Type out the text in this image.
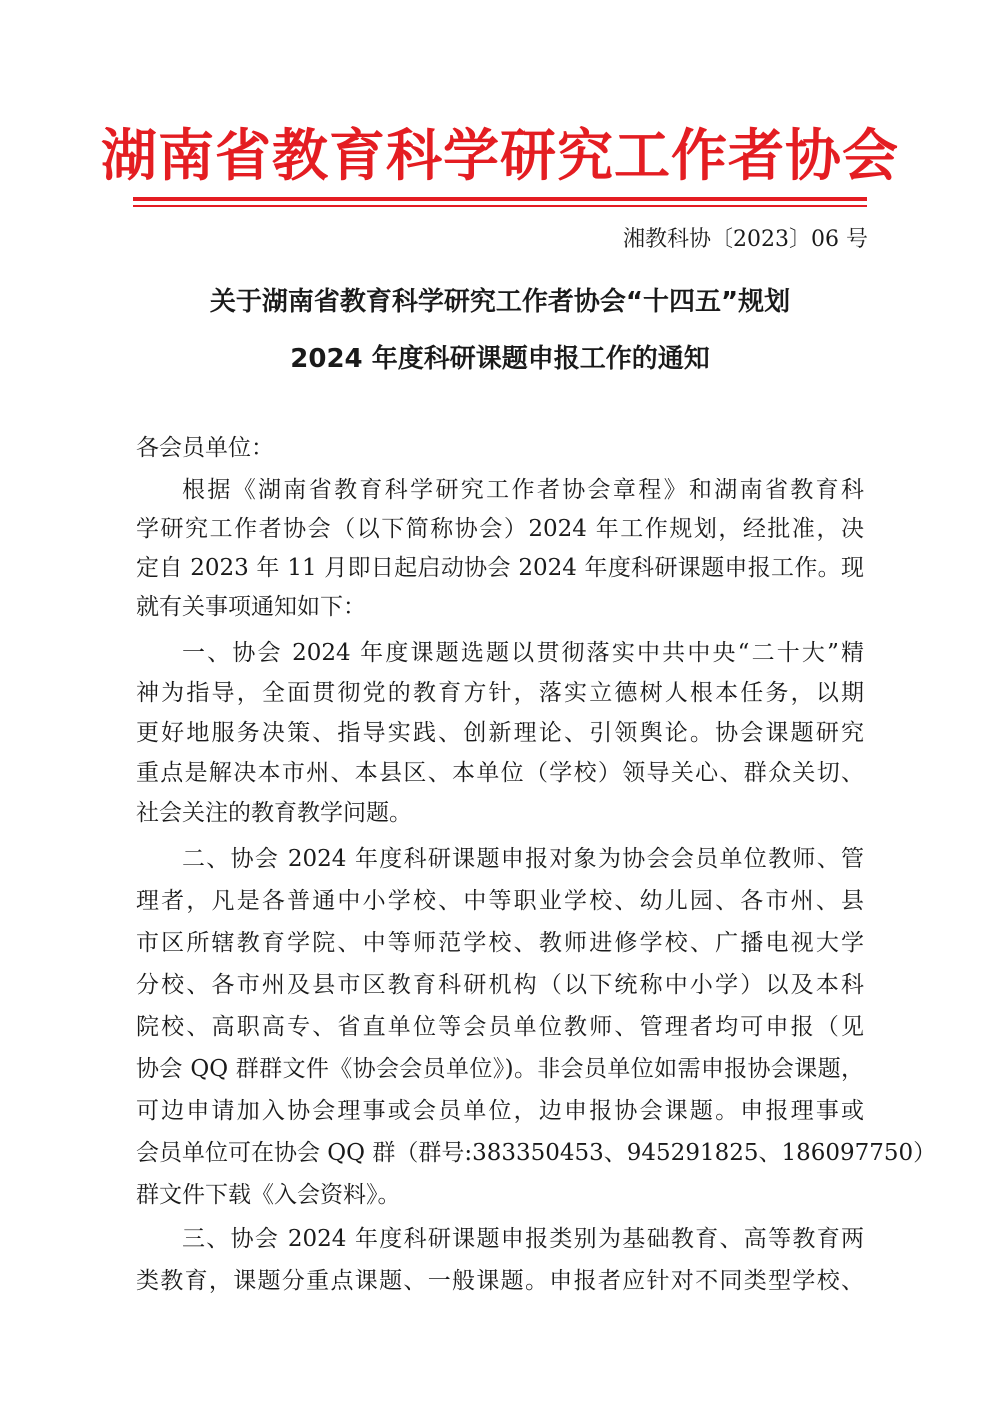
湖南省教育科学研究工作者协会
湘教科协〔2023〕06 号
关于湖南省教育科学研究工作者协会“十四五”规划
2024 年度科研课题申报工作的通知
各会员单位：
根据《湖南省教育科学研究工作者协会章程》和湖南省教育科
学研究工作者协会（以下简称协会）2024 年工作规划，经批准，决
定自 2023 年 11 月即日起启动协会 2024 年度科研课题申报工作。现
就有关事项通知如下：
一、协会 2024 年度课题选题以贯彻落实中共中央“二十大”精
神为指导，全面贯彻党的教育方针，落实立德树人根本任务，以期
更好地服务决策、指导实践、创新理论、引领舆论。协会课题研究
重点是解决本市州、本县区、本单位（学校）领导关心、群众关切、
社会关注的教育教学问题。
二、协会 2024 年度科研课题申报对象为协会会员单位教师、管
理者，凡是各普通中小学校、中等职业学校、幼儿园、各市州、县
市区所辖教育学院、中等师范学校、教师进修学校、广播电视大学
分校、各市州及县市区教育科研机构（以下统称中小学）以及本科
院校、高职高专、省直单位等会员单位教师、管理者均可申报（见
协会 QQ 群群文件《协会会员单位》)。非会员单位如需申报协会课题，
可边申请加入协会理事或会员单位，边申报协会课题。申报理事或
会员单位可在协会 QQ 群（群号:383350453、945291825、186097750）
群文件下载《入会资料》。
三、协会 2024 年度科研课题申报类别为基础教育、高等教育两
类教育，课题分重点课题、一般课题。申报者应针对不同类型学校、
